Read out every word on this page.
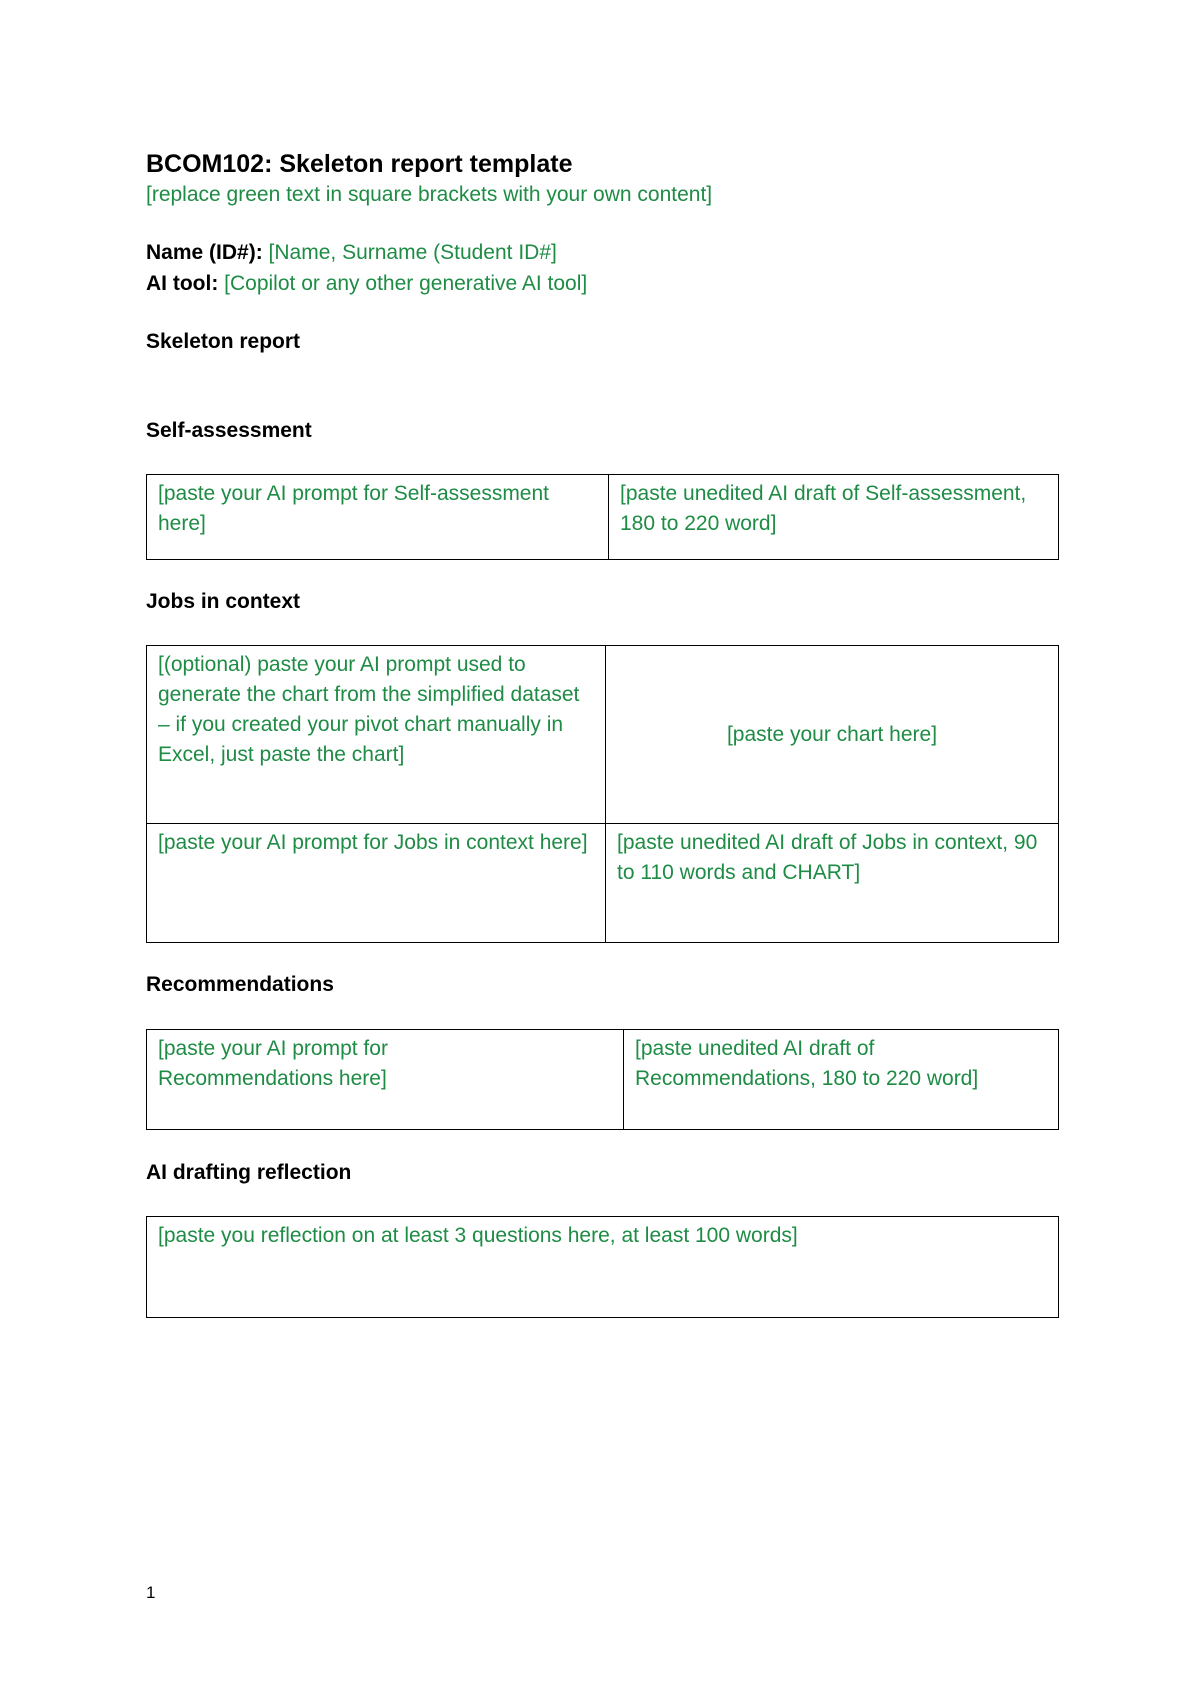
BCOM102: Skeleton report template
[replace green text in square brackets with your own content]
Name (ID#): [Name, Surname (Student ID#]
AI tool: [Copilot or any other generative AI tool]
Skeleton report
Self-assessment
[paste your AI prompt for Self-assessment here]
[paste unedited AI draft of Self-assessment, 180 to 220 word]
Jobs in context
[(optional) paste your AI prompt used to generate the chart from the simplified dataset – if you created your pivot chart manually in Excel, just paste the chart]
[paste your chart here]
[paste your AI prompt for Jobs in context here]	[paste unedited AI draft of Jobs in context, 90 to 110 words and CHART]
Recommendations
[paste your AI prompt for Recommendations here]
[paste unedited AI draft of Recommendations, 180 to 220 word]
AI drafting reflection
[paste you reflection on at least 3 questions here, at least 100 words]
1
